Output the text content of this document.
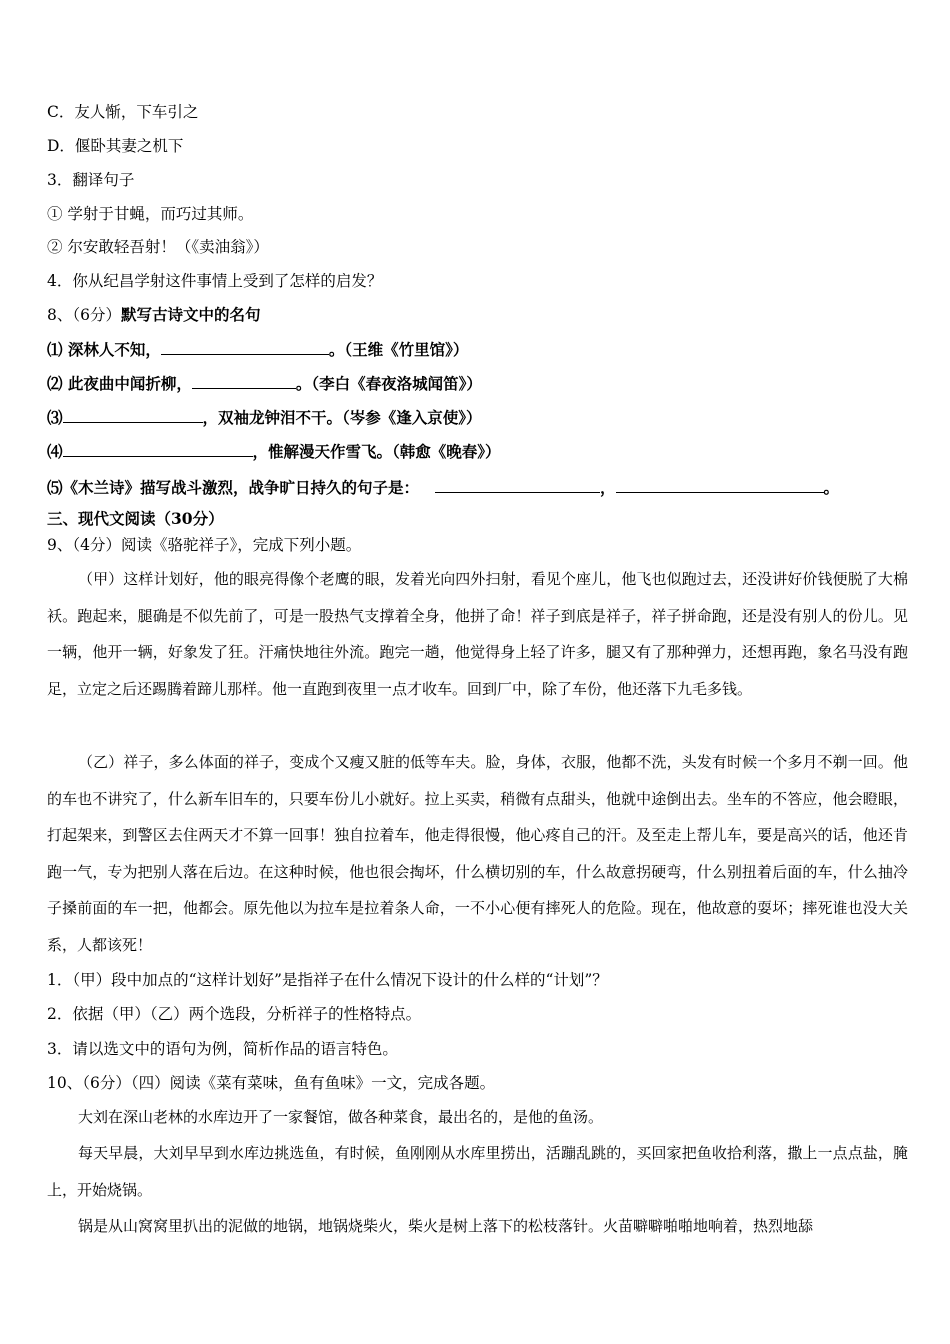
C．友人惭，下车引之
D．偃卧其妻之机下
3．翻译句子
① 学射于甘蝇，而巧过其师。
② 尔安敢轻吾射！（《卖油翁》）
4．你从纪昌学射这件事情上受到了怎样的启发？
8、（6分）默写古诗文中的名句
⑴ 深林人不知，	。（王维《竹里馆》）
⑵ 此夜曲中闻折柳，	。（李白《春夜洛城闻笛》）
⑶	，双袖龙钟泪不干。（岑参《逢入京使》）
⑷	，惟解漫天作雪飞。（韩愈《晚春》）
⑸《木兰诗》描写战斗激烈，战争旷日持久的句子是：	，	。
三、现代文阅读（30分）
9、（4分）阅读《骆驼祥子》，完成下列小题。
（甲）这样计划好，他的眼亮得像个老鹰的眼，发着光向四外扫射，看见个座儿，他飞也似跑过去，还没讲好价钱便脱了大棉袄。跑起来，腿确是不似先前了，可是一股热气支撑着全身，他拼了命！祥子到底是祥子，祥子拼命跑，还是没有别人的份儿。见一辆，他开一辆，好象发了狂。汗痛快地往外流。跑完一趟，他觉得身上轻了许多，腿又有了那种弹力，还想再跑，象名马没有跑足，立定之后还踢腾着蹄儿那样。他一直跑到夜里一点才收车。回到厂中，除了车份，他还落下九毛多钱。
（乙）祥子，多么体面的祥子，变成个又瘦又脏的低等车夫。脸，身体，衣服，他都不洗，头发有时候一个多月不剃一回。他的车也不讲究了，什么新车旧车的，只要车份儿小就好。拉上买卖，稍微有点甜头，他就中途倒出去。坐车的不答应，他会瞪眼，打起架来，到警区去住两天才不算一回事！独自拉着车，他走得很慢，他心疼自己的汗。及至走上帮儿车，要是高兴的话，他还肯跑一气，专为把别人落在后边。在这种时候，他也很会掏坏，什么横切别的车，什么故意拐硬弯，什么别扭着后面的车，什么抽冷子搡前面的车一把，他都会。原先他以为拉车是拉着条人命，一不小心便有摔死人的危险。现在，他故意的耍坏；摔死谁也没大关系，人都该死！
1．（甲）段中加点的“这样计划好”是指祥子在什么情况下设计的什么样的“计划”？
2．依据（甲）（乙）两个选段，分析祥子的性格特点。
3．请以选文中的语句为例，简析作品的语言特色。
10、（6分）（四）阅读《菜有菜味，鱼有鱼味》一文，完成各题。
大刘在深山老林的水库边开了一家餐馆，做各种菜食，最出名的，是他的鱼汤。
每天早晨，大刘早早到水库边挑选鱼，有时候，鱼刚刚从水库里捞出，活蹦乱跳的，买回家把鱼收拾利落，撒上一点点盐，腌上，开始烧锅。
锅是从山窝窝里扒出的泥做的地锅，地锅烧柴火，柴火是树上落下的松枝落针。火苗噼噼啪啪地响着，热烈地舔
